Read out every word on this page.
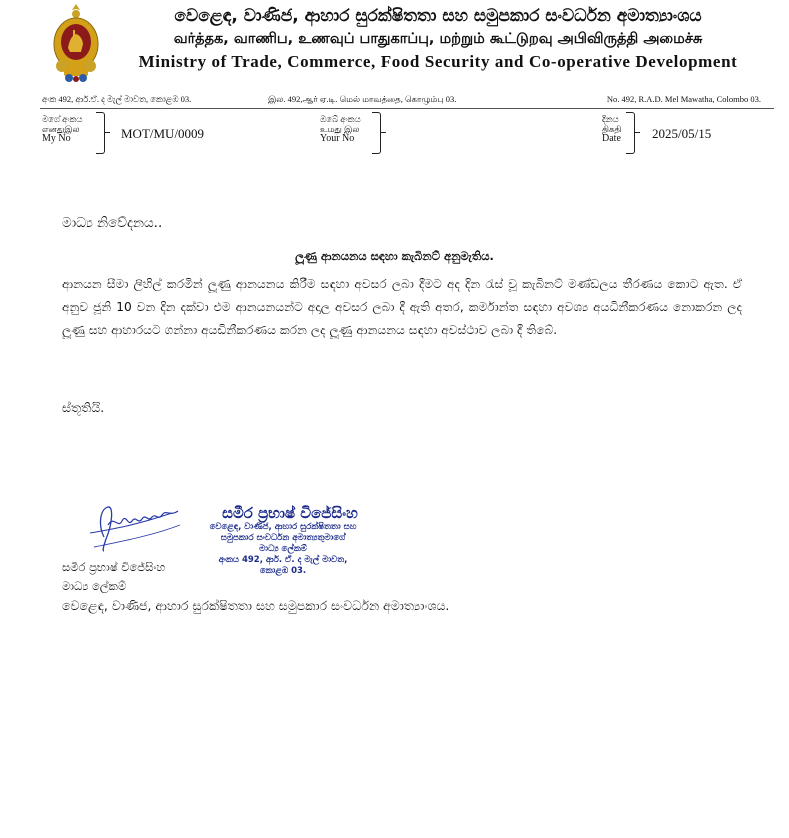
වෙළෙඳ, වාණිජ, ආහාර සුරක්ෂිතතා සහ සමුපකාර සංවර්ධන අමාත්‍යාංශය
வர்த்தக, வாணிப, உணவுப் பாதுகாப்பு, மற்றும் கூட்டுறவு அபிவிருத்தி அமைச்சு
Ministry of Trade, Commerce, Food Security and Co-operative Development
අංක 492, ආර්.ඒ. ද මැල් මාවත, කොළඹ 03.	இல. 492,ஆர் ஏ.டி. மெல் மாவத்தை, கொழும்பு 03.	No. 492, R.A.D. Mel Mawatha, Colombo 03.
මගේ අංකය
எனதுஇல
My No	MOT/MU/0009
ඔබේ අංකය
உமது இல
Your No
දිනය
திகதி
Date 2025/05/15
මාධ්‍ය නිවේදනය..
ලූණු ආනයනය සඳහා කැබිනට් අනුමැතිය.
ආනයන සීමා ලිහිල් කරමින් ලූණු ආනයනය කිරීම සඳහා අවසර ලබා දීමට අද දින රැස් වූ කැබිනට් මණ්ඩලය තීරණය කොට ඇත. ඒ අනුව ජූනි 10 වන දින දක්වා එම ආනයනයන්ට අදාල අවසර ලබා දී ඇති අතර, කර්මාන්ත සඳහා අවශ්‍ය අයධිනීකරණය නොකරන ලද ලූණු සහ ආහාරයට ගන්නා අයඩිනීකරණය කරන ලද ලූණු ආනයනය සඳහා අවස්ථාව ලබා දී තිබේ.
ස්තූතියි.
සමීර ප්‍රභාෂ් විජේසිංහ
වෙළෙඳ, වාණිජ, ආහාර සුරක්ෂිතතා සහ
සමුපකාර සංවර්ධන අමාත්‍යතුමාගේ
මාධ්‍ය ලේකම්
අංකය 492, ආර්. ඒ. ද මැල් මාවත,
කොළඹ 03.
සමීර ප්‍රභාෂ් විජේසිංහ
මාධ්‍ය ලේකම්
වෙළෙඳ, වාණිජ, ආහාර සුරක්ෂිතතා සහ සමුපකාර සංවර්ධන අමාත්‍යාංශය.
